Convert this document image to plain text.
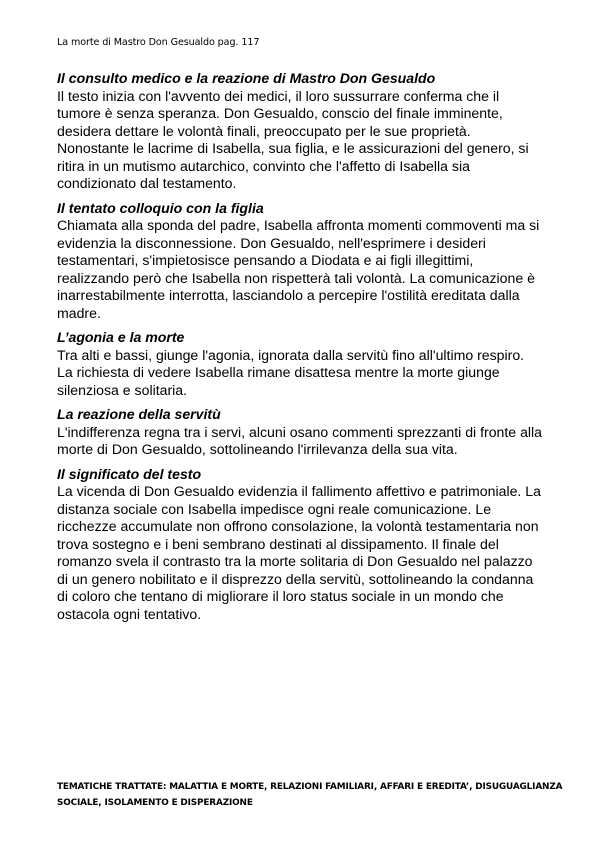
La morte di Mastro Don Gesualdo pag. 117
Il consulto medico e la reazione di Mastro Don Gesualdo

Il testo inizia con l'avvento dei medici, il loro sussurrare conferma che il
tumore è senza speranza. Don Gesualdo, conscio del finale imminente,
desidera dettare le volontà finali, preoccupato per le sue proprietà.
Nonostante le lacrime di Isabella, sua figlia, e le assicurazioni del genero, si
ritira in un mutismo autarchico, convinto che l'affetto di Isabella sia
condizionato dal testamento.

Il tentato colloquio con la figlia

Chiamata alla sponda del padre, Isabella affronta momenti commoventi ma si
evidenzia la disconnessione. Don Gesualdo, nell'esprimere i desideri
testamentari, s'impietosisce pensando a Diodata e ai figli illegittimi,
realizzando però che Isabella non rispetterà tali volontà. La comunicazione è
inarrestabilmente interrotta, lasciandolo a percepire l'ostilità ereditata dalla
madre.

L’agonia e la morte

Tra alti e bassi, giunge l'agonia, ignorata dalla servitù fino all'ultimo respiro.
La richiesta di vedere Isabella rimane disattesa mentre la morte giunge
silenziosa e solitaria.

La reazione della servitù

L'indifferenza regna tra i servi, alcuni osano commenti sprezzanti di fronte alla
morte di Don Gesualdo, sottolineando l'irrilevanza della sua vita.

Il significato del testo

La vicenda di Don Gesualdo evidenzia il fallimento affettivo e patrimoniale. La
distanza sociale con Isabella impedisce ogni reale comunicazione. Le
ricchezze accumulate non offrono consolazione, la volontà testamentaria non
trova sostegno e i beni sembrano destinati al dissipamento. Il finale del
romanzo svela il contrasto tra la morte solitaria di Don Gesualdo nel palazzo
di un genero nobilitato e il disprezzo della servitù, sottolineando la condanna
di coloro che tentano di migliorare il loro status sociale in un mondo che
ostacola ogni tentativo.

TEMATICHE TRATTATE: MALATTIA E MORTE, RELAZIONI FAMILIARI, AFFARI E EREDITA’, DISUGUAGLIANZA
SOCIALE, ISOLAMENTO E DISPERAZIONE
